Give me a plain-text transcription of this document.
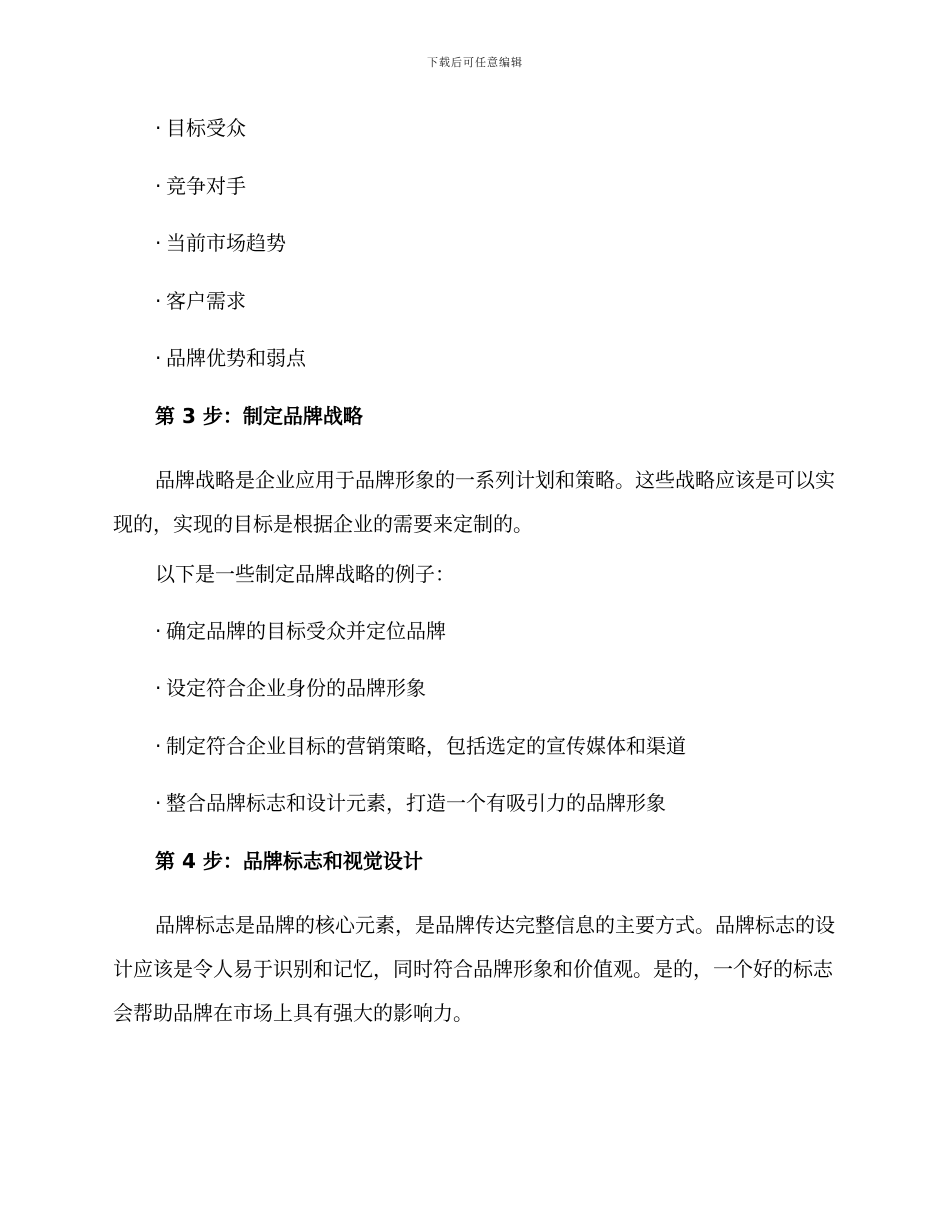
下载后可任意编辑
· 目标受众
· 竞争对手
· 当前市场趋势
· 客户需求
· 品牌优势和弱点
第 3 步：制定品牌战略

品牌战略是企业应用于品牌形象的一系列计划和策略。这些战略应该是可以实现的，实现的目标是根据企业的需要来定制的。

以下是一些制定品牌战略的例子：
· 确定品牌的目标受众并定位品牌
· 设定符合企业身份的品牌形象
· 制定符合企业目标的营销策略，包括选定的宣传媒体和渠道
· 整合品牌标志和设计元素，打造一个有吸引力的品牌形象
第 4 步：品牌标志和视觉设计

品牌标志是品牌的核心元素，是品牌传达完整信息的主要方式。品牌标志的设计应该是令人易于识别和记忆，同时符合品牌形象和价值观。是的，一个好的标志会帮助品牌在市场上具有强大的影响力。
